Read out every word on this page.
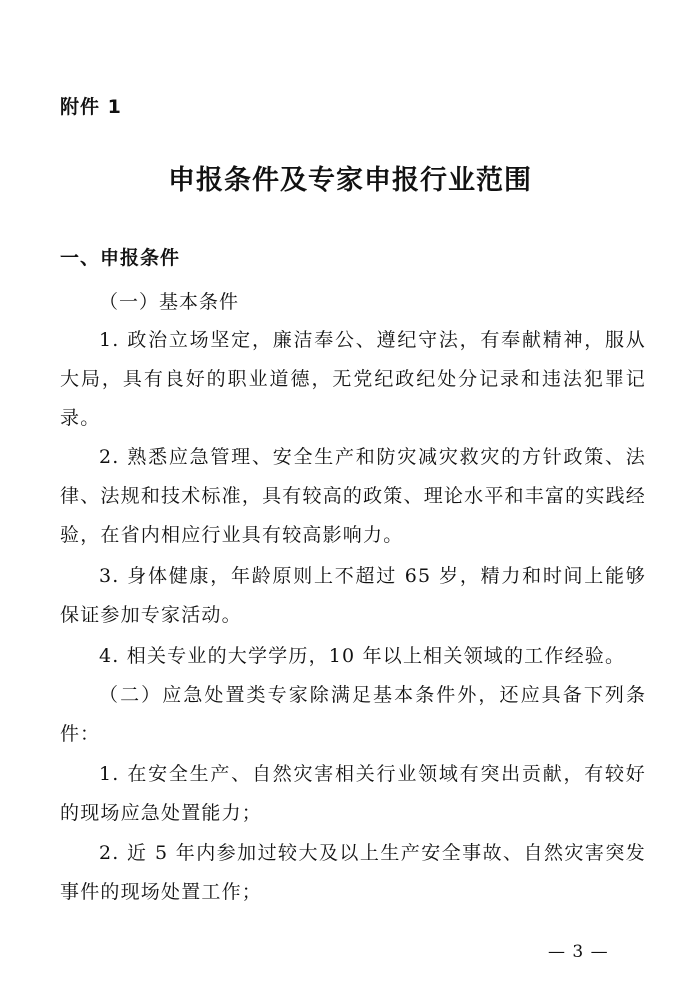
附件 1
申报条件及专家申报行业范围
一、申报条件

（一）基本条件

1. 政治立场坚定，廉洁奉公、遵纪守法，有奉献精神，服从大局，具有良好的职业道德，无党纪政纪处分记录和违法犯罪记录。

2. 熟悉应急管理、安全生产和防灾减灾救灾的方针政策、法律、法规和技术标准，具有较高的政策、理论水平和丰富的实践经验，在省内相应行业具有较高影响力。

3. 身体健康，年龄原则上不超过 65 岁，精力和时间上能够保证参加专家活动。

4. 相关专业的大学学历，10 年以上相关领域的工作经验。

（二）应急处置类专家除满足基本条件外，还应具备下列条件：

1. 在安全生产、自然灾害相关行业领域有突出贡献，有较好的现场应急处置能力；

2. 近 5 年内参加过较大及以上生产安全事故、自然灾害突发事件的现场处置工作；

— 3 —
